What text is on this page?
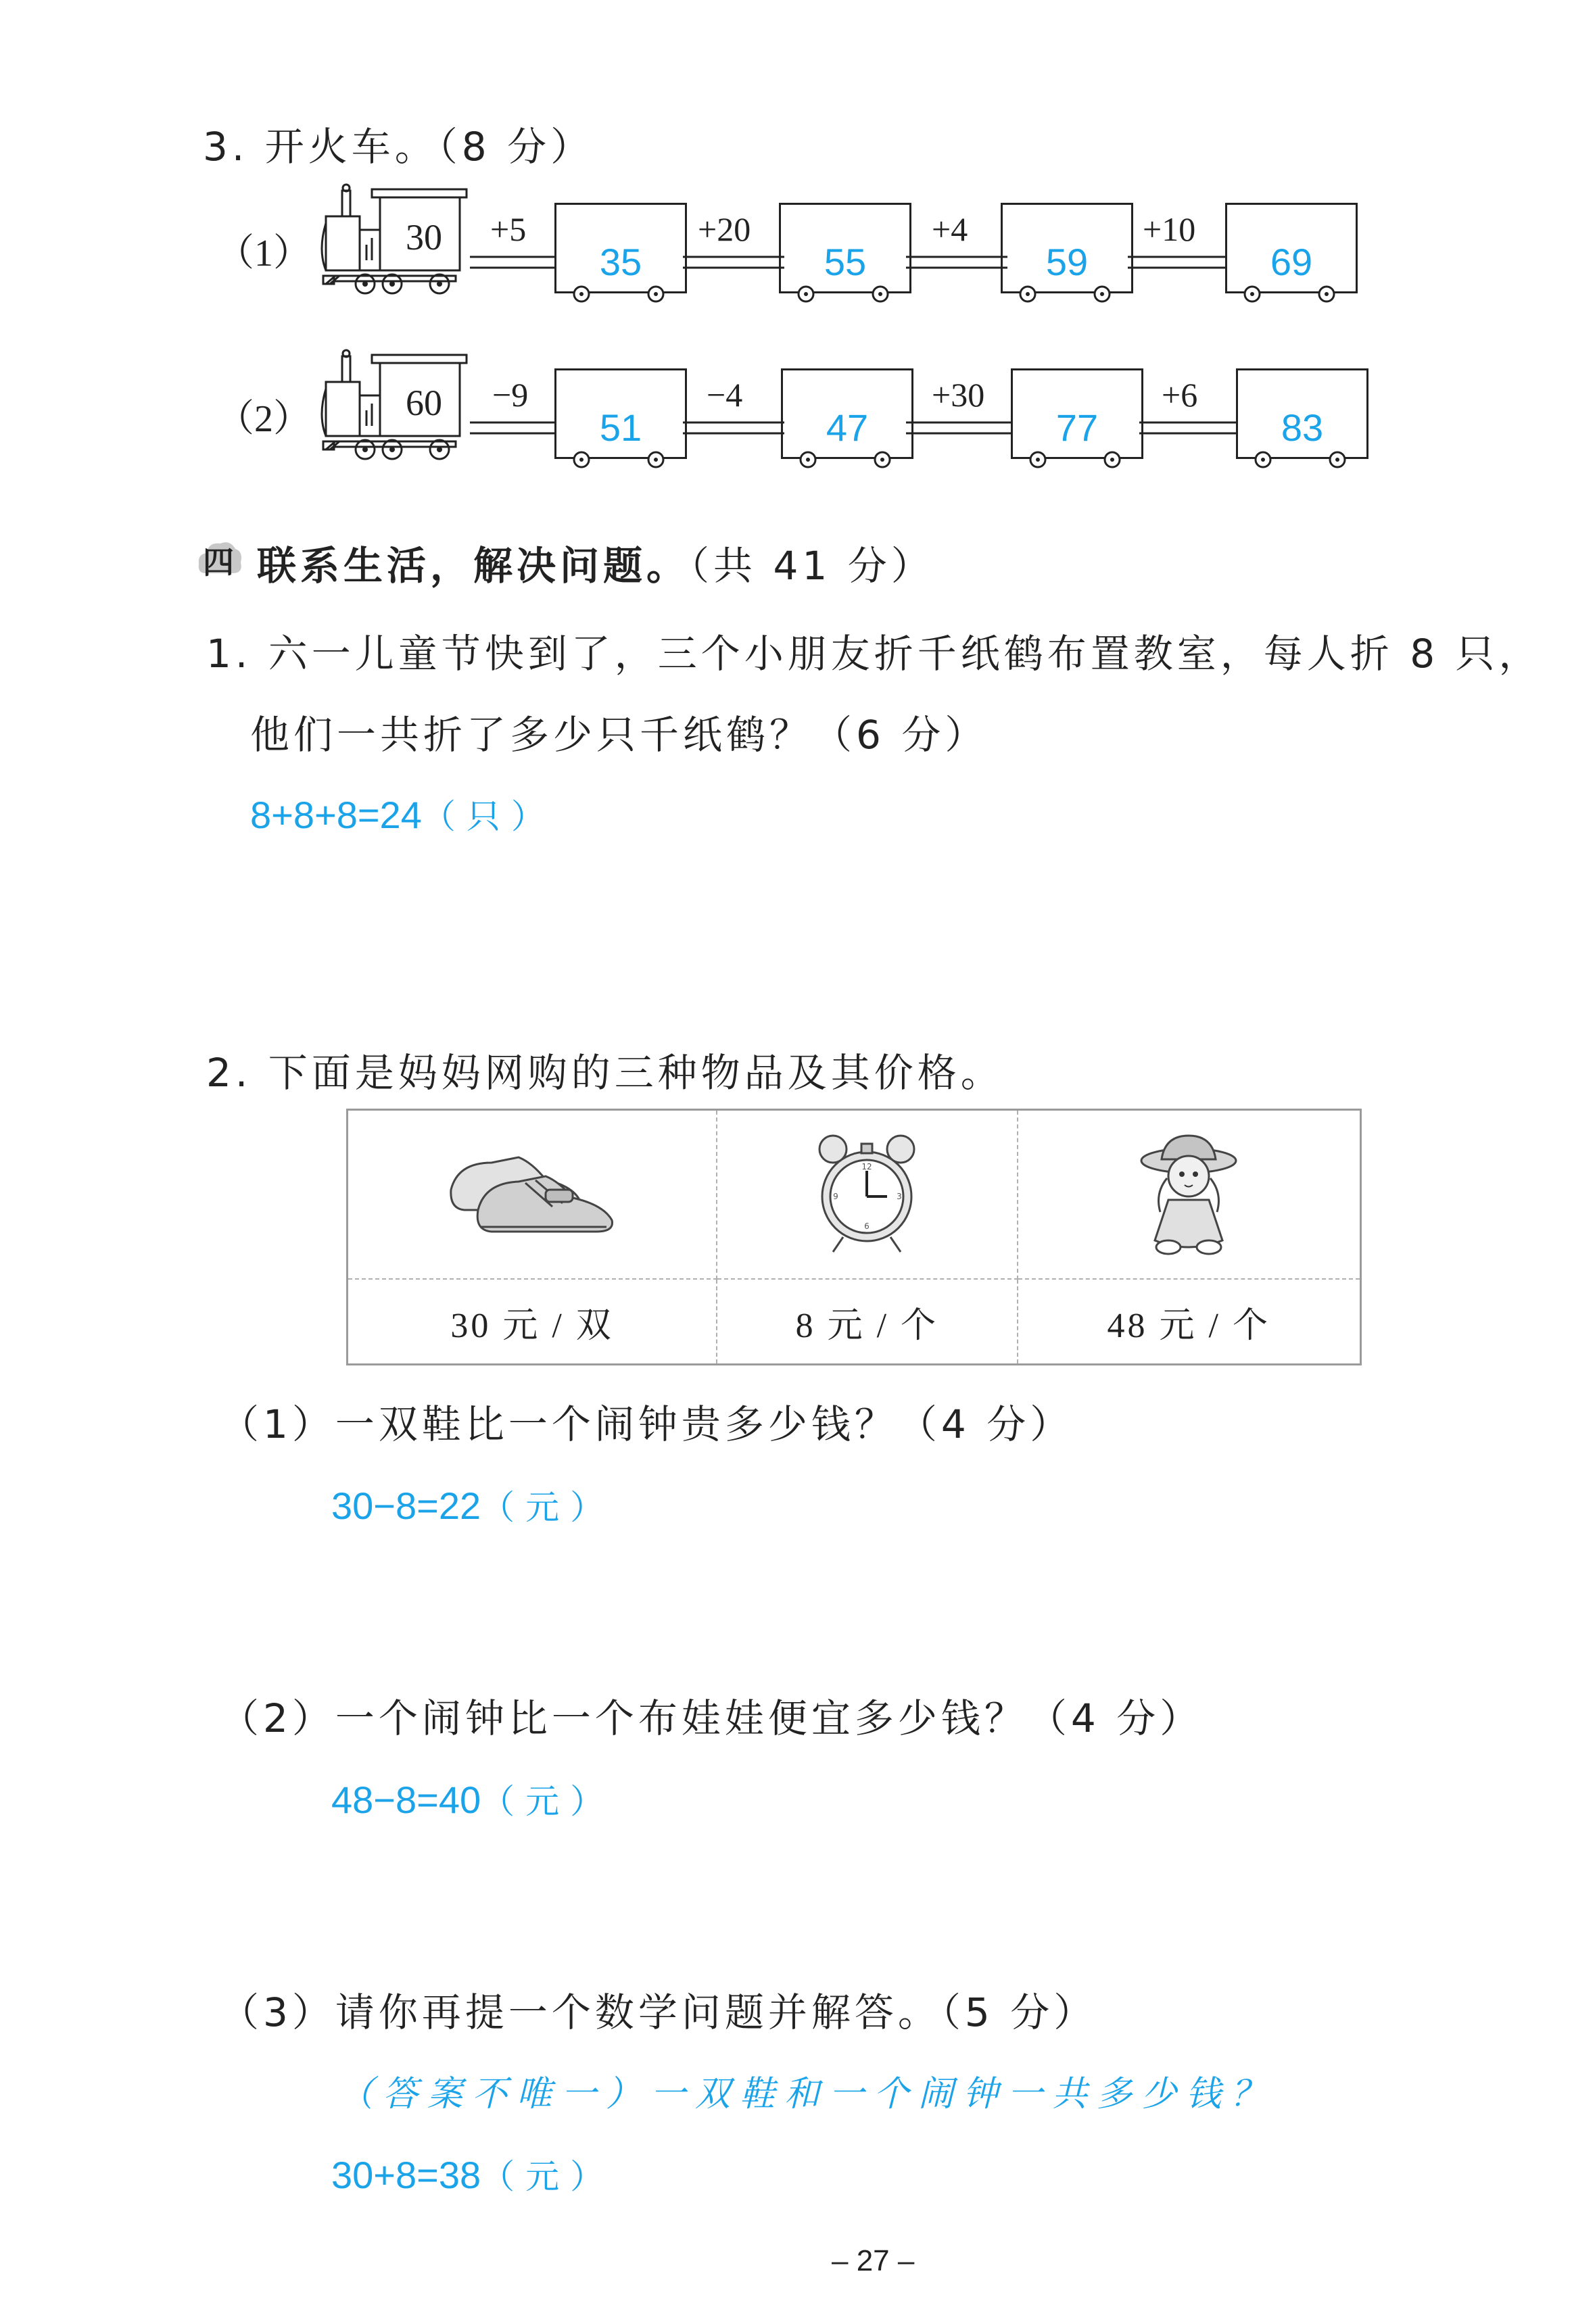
3. 开火车。（8 分）
（1）	30 +5	+20	+4	+10
35	55	59	69
（2）	60 −9	−4	+30	+6
51	47	77	83
四 联系生活，解决问题。（共 41 分）
1. 六一儿童节快到了，三个小朋友折千纸鹤布置教室，每人折 8 只，
他们一共折了多少只千纸鹤？（6 分）
8+8+8=24（只）
2. 下面是妈妈网购的三种物品及其价格。

12
3
6
9

30 元 / 双	8 元 / 个	48 元 / 个
（1）一双鞋比一个闹钟贵多少钱？（4 分）
30−8=22（元）
（2）一个闹钟比一个布娃娃便宜多少钱？（4 分）
48−8=40（元）
（3）请你再提一个数学问题并解答。（5 分）
（答案不唯一）一双鞋和一个闹钟一共多少钱？
30+8=38（元）
– 27 –
